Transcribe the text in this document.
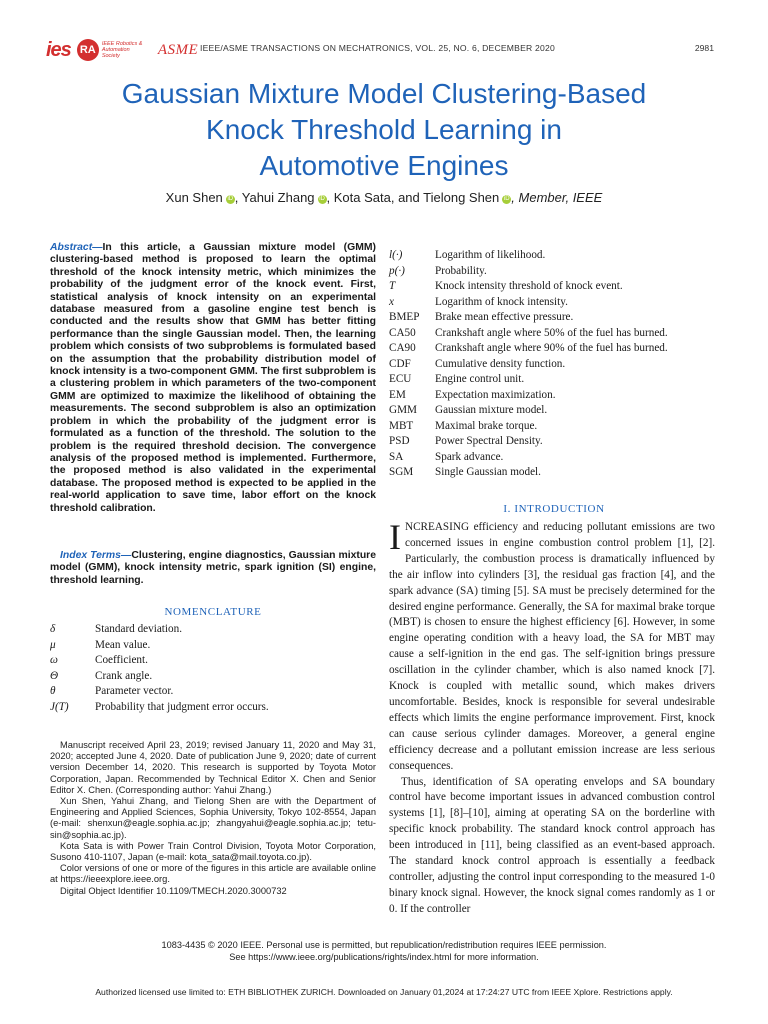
ies RA	IEEE Robotics & Automation Society	ASME IEEE/ASME TRANSACTIONS ON MECHATRONICS, VOL. 25, NO. 6, DECEMBER 2020	2981
Gaussian Mixture Model Clustering-Based
Knock Threshold Learning in
Automotive Engines
Xun Shen iD , Yahui Zhang iD , Kota Sata, and Tielong Shen iD , Member, IEEE
Abstract—In this article, a Gaussian mixture model (GMM) clustering-based method is proposed to learn the optimal threshold of the knock intensity metric, which minimizes the probability of the judgment error of the knock event. First, statistical analysis of knock intensity on an experimental database measured from a gasoline engine test bench is conducted and the results show that GMM has better fitting performance than the single Gaussian model. Then, the learning problem which consists of two subproblems is formulated based on the assumption that the probability distribution model of knock intensity is a two-component GMM. The first subproblem is a clustering problem in which parameters of the two-component GMM are optimized to maximize the likelihood of obtaining the measurements. The second subproblem is also an optimization problem in which the probability of the judgment error is formulated as a function of the threshold. The solution to the problem is the required threshold decision. The convergence analysis of the proposed method is implemented. Furthermore, the proposed method is also validated in the experimental database. The proposed method is expected to be applied in the real-world application to save time, labor effort on the knock threshold calibration.
Index Terms—Clustering, engine diagnostics, Gaussian mixture model (GMM), knock intensity metric, spark ignition (SI) engine, threshold learning.
NOMENCLATURE
δ	Standard deviation.
μ	Mean value.
ω	Coefficient.
Θ	Crank angle.
θ	Parameter vector.
J(T)	Probability that judgment error occurs.

Manuscript received April 23, 2019; revised January 11, 2020 and May 31, 2020; accepted June 4, 2020. Date of publication June 9, 2020; date of current version December 14, 2020. This research is supported by Toyota Motor Corporation, Japan. Recommended by Technical Editor X. Chen and Senior Editor X. Chen. (Corresponding author: Yahui Zhang.)

Xun Shen, Yahui Zhang, and Tielong Shen are with the Department of Engineering and Applied Sciences, Sophia University, Tokyo 102-8554, Japan (e-mail: shenxun@eagle.sophia.ac.jp; zhangyahui@eagle.sophia.ac.jp; tetu-sin@sophia.ac.jp).

Kota Sata is with Power Train Control Division, Toyota Motor Corporation, Susono 410-1107, Japan (e-mail: kota_sata@mail.toyota.co.jp).

Color versions of one or more of the figures in this article are available online at https://ieeexplore.ieee.org.

Digital Object Identifier 10.1109/TMECH.2020.3000732

l(·)	Logarithm of likelihood.
p(·)	Probability.
T	Knock intensity threshold of knock event.
x	Logarithm of knock intensity.
BMEP	Brake mean effective pressure.
CA50	Crankshaft angle where 50% of the fuel has burned.
CA90	Crankshaft angle where 90% of the fuel has burned.
CDF	Cumulative density function.
ECU	Engine control unit.
EM	Expectation maximization.
GMM	Gaussian mixture model.
MBT	Maximal brake torque.
PSD	Power Spectral Density.
SA	Spark advance.
SGM	Single Gaussian model.
I. INTRODUCTION

INCREASING efficiency and reducing pollutant emissions are two concerned issues in engine combustion control problem [1], [2]. Particularly, the combustion process is dramatically influenced by the air inflow into cylinders [3], the residual gas fraction [4], and the spark advance (SA) timing [5]. SA must be precisely determined for the desired engine performance. Generally, the SA for maximal brake torque (MBT) is chosen to ensure the highest efficiency [6]. However, in some engine operating condition with a heavy load, the SA for MBT may cause a self-ignition in the end gas. The self-ignition brings pressure oscillation in the cylinder chamber, which is also named knock [7]. Knock is coupled with metallic sound, which makes drivers uncomfortable. Besides, knock is responsible for several undesirable effects which limits the engine performance improvement. First, knock can cause serious cylinder damages. Moreover, a general engine efficiency decrease and a pollutant emission increase are less serious consequences.

Thus, identification of SA operating envelops and SA boundary control have become important issues in advanced combustion control systems [1], [8]–[10], aiming at operating SA on the borderline with specific knock probability. The standard knock control approach has been introduced in [11], being classified as an event-based approach. The standard knock control approach is essentially a feedback controller, adjusting the control input corresponding to the measured 1-0 binary knock signal. However, the knock signal comes randomly as 1 or 0. If the controller

1083-4435 © 2020 IEEE. Personal use is permitted, but republication/redistribution requires IEEE permission.
See https://www.ieee.org/publications/rights/index.html for more information.
Authorized licensed use limited to: ETH BIBLIOTHEK ZURICH. Downloaded on January 01,2024 at 17:24:27 UTC from IEEE Xplore. Restrictions apply.
